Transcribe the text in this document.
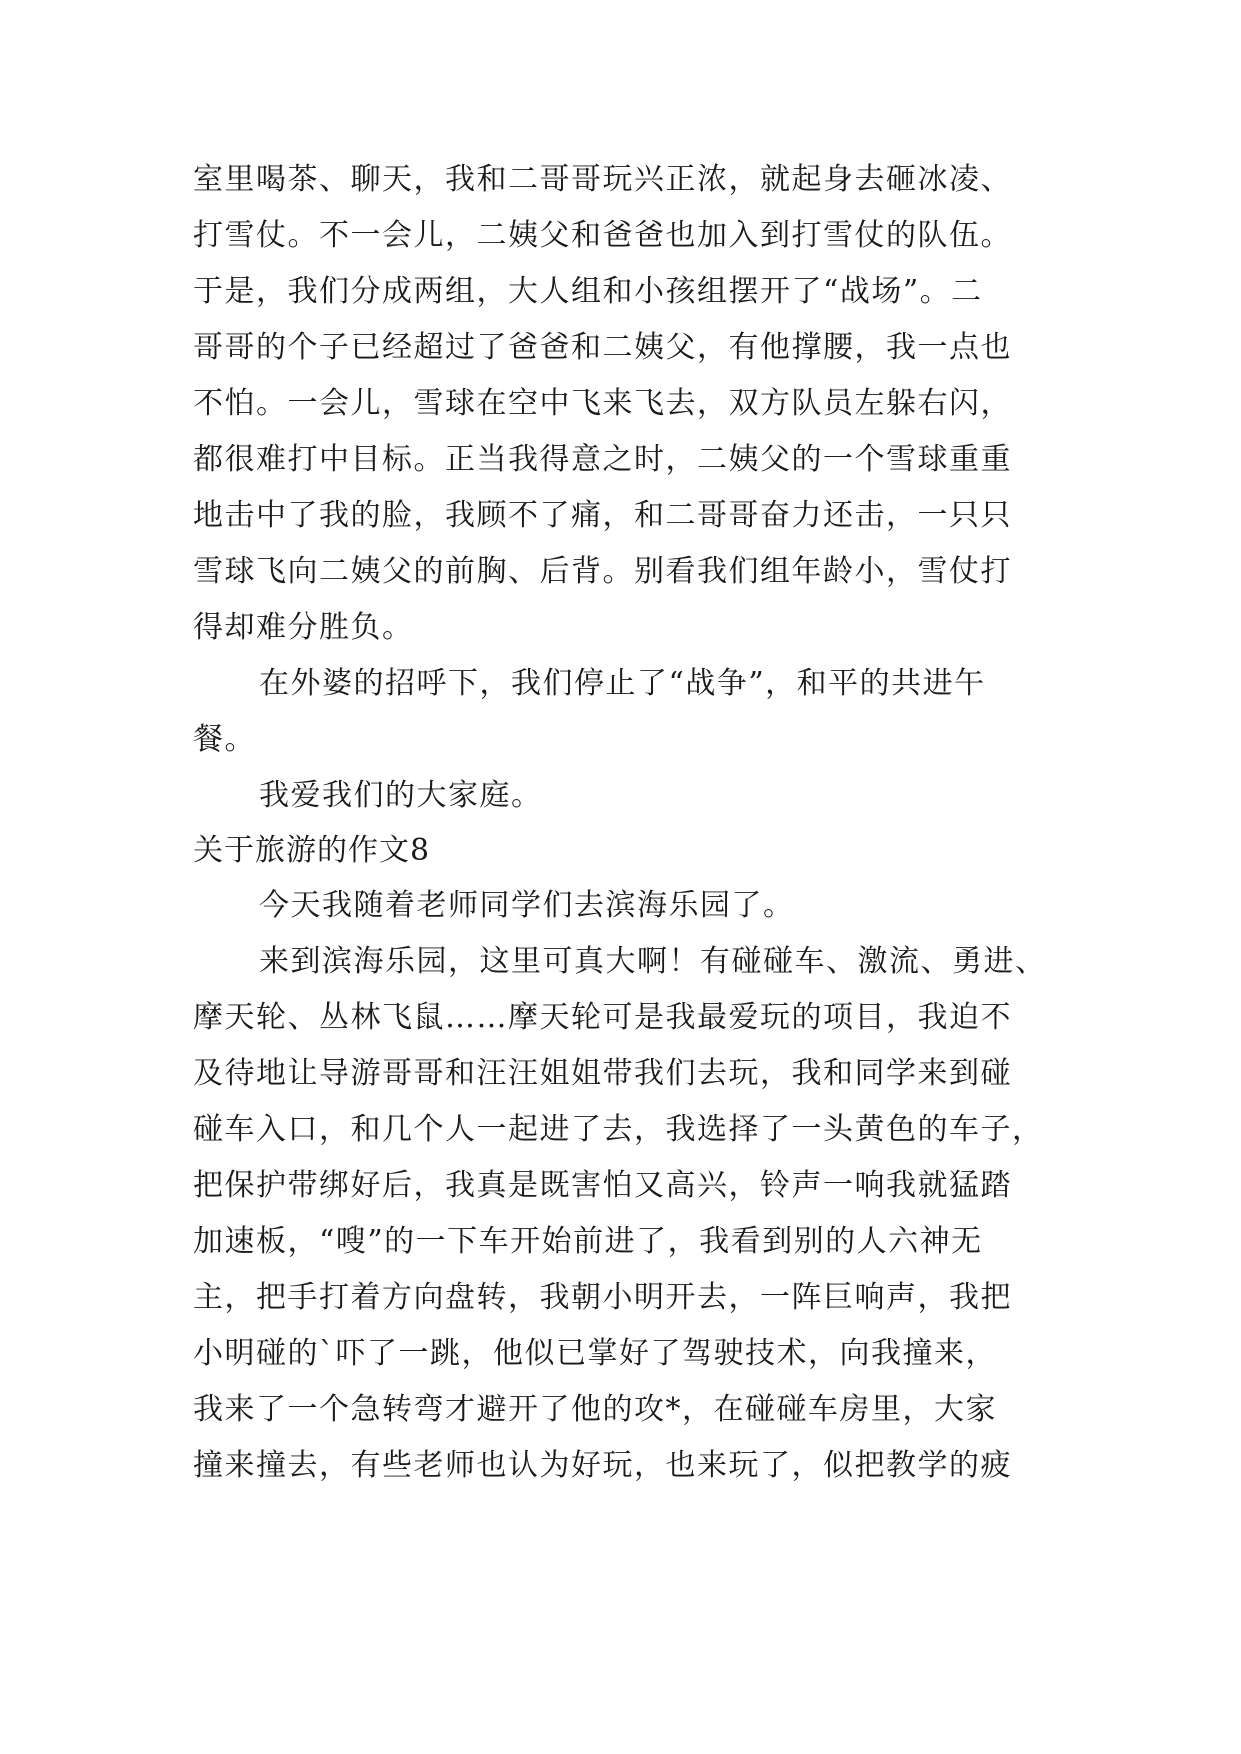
室里喝茶、聊天，我和二哥哥玩兴正浓，就起身去砸冰凌、
打雪仗。不一会儿，二姨父和爸爸也加入到打雪仗的队伍。
于是，我们分成两组，大人组和小孩组摆开了“战场”。二
哥哥的个子已经超过了爸爸和二姨父，有他撑腰，我一点也
不怕。一会儿，雪球在空中飞来飞去，双方队员左躲右闪，
都很难打中目标。正当我得意之时，二姨父的一个雪球重重
地击中了我的脸，我顾不了痛，和二哥哥奋力还击，一只只
雪球飞向二姨父的前胸、后背。别看我们组年龄小，雪仗打
得却难分胜负。
在外婆的招呼下，我们停止了“战争”，和平的共进午
餐。
我爱我们的大家庭。
关于旅游的作文8
今天我随着老师同学们去滨海乐园了。
来到滨海乐园，这里可真大啊！有碰碰车、激流、勇进、
摩天轮、丛林飞鼠……摩天轮可是我最爱玩的项目，我迫不
及待地让导游哥哥和汪汪姐姐带我们去玩，我和同学来到碰
碰车入口，和几个人一起进了去，我选择了一头黄色的车子，
把保护带绑好后，我真是既害怕又高兴，铃声一响我就猛踏
加速板，“嗖”的一下车开始前进了，我看到别的人六神无
主，把手打着方向盘转，我朝小明开去，一阵巨响声，我把
小明碰的`吓了一跳，他似已掌好了驾驶技术，向我撞来，
我来了一个急转弯才避开了他的攻*，在碰碰车房里，大家
撞来撞去，有些老师也认为好玩，也来玩了，似把教学的疲
